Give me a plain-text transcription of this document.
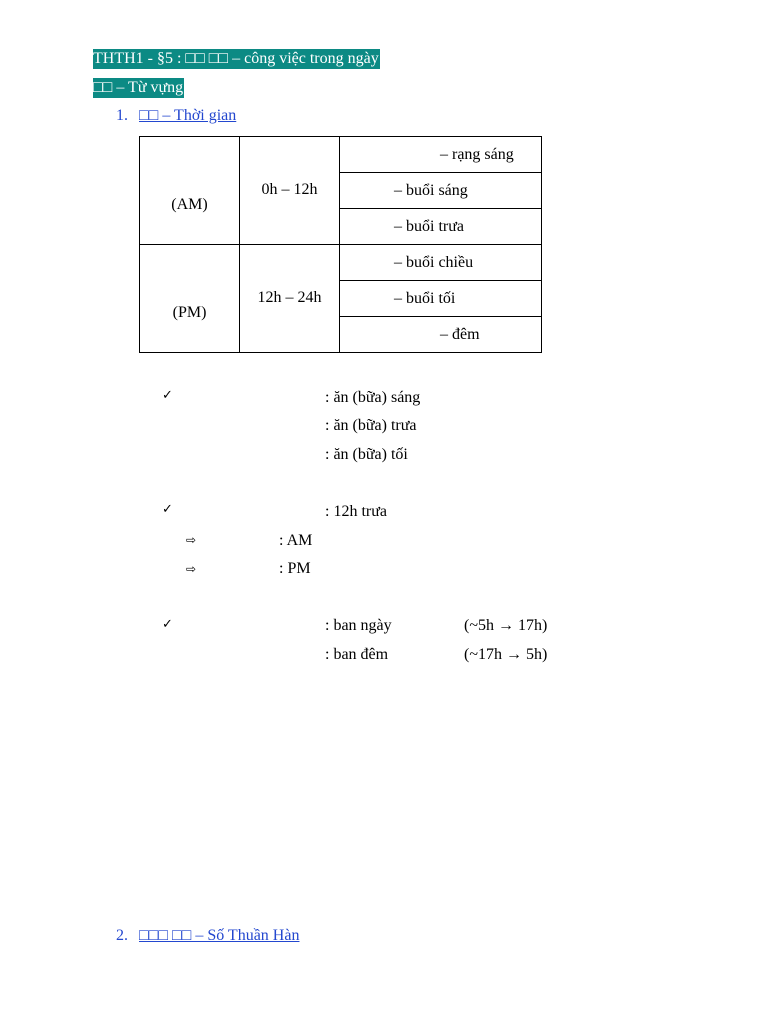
THTH1 - §5 : □□ □□ – công việc trong ngày
□□ – Từ vựng
1. □□ – Thời gian
(AM)	0h – 12h	– rạng sáng
		– buổi sáng
		– buổi trưa
(PM)	12h – 24h	– buổi chiều
		– buổi tối
		– đêm
✓	: ăn (bữa) sáng
: ăn (bữa) trưa
: ăn (bữa) tối
✓	: 12h trưa
⇨	: AM
⇨	: PM
✓	: ban ngày	(~5h → 17h)
: ban đêm	(~17h → 5h)
2. □□□ □□ – Số Thuần Hàn
